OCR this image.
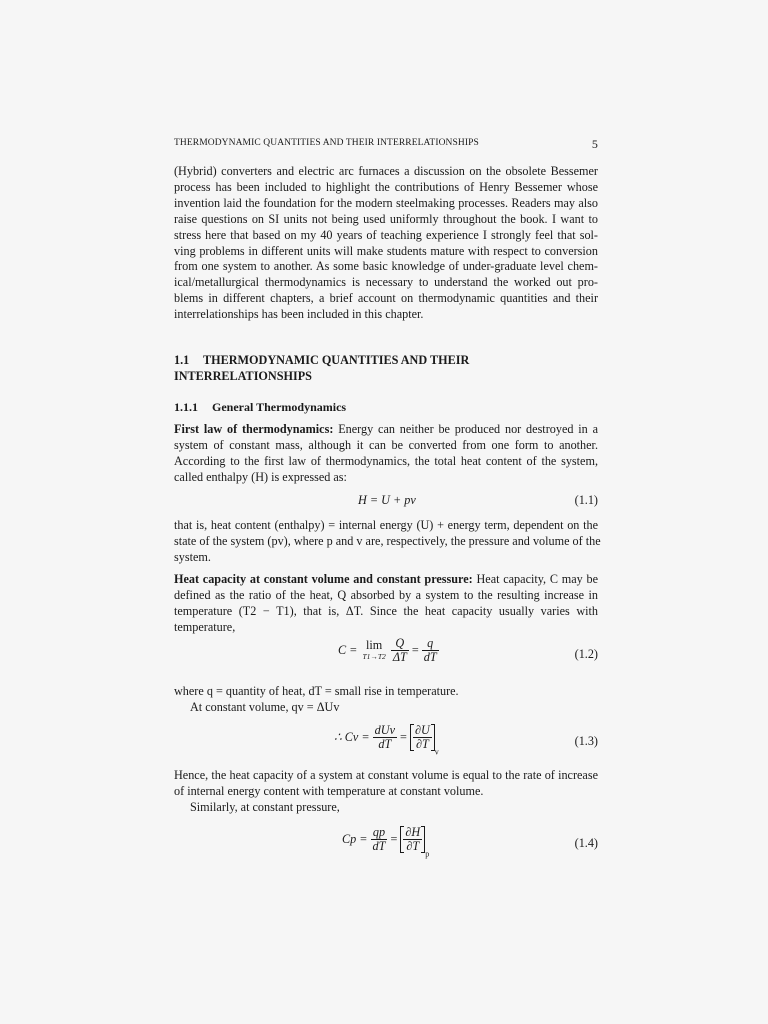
THERMODYNAMIC QUANTITIES AND THEIR INTERRELATIONSHIPS	5
(Hybrid) converters and electric arc furnaces a discussion on the obsolete Bessemer
process has been included to highlight the contributions of Henry Bessemer whose
invention laid the foundation for the modern steelmaking processes. Readers may also
raise questions on SI units not being used uniformly throughout the book. I want to
stress here that based on my 40 years of teaching experience I strongly feel that sol-
ving problems in different units will make students mature with respect to conversion
from one system to another. As some basic knowledge of under-graduate level chem-
ical/metallurgical thermodynamics is necessary to understand the worked out pro-
blems in different chapters, a brief account on thermodynamic quantities and their
interrelationships has been included in this chapter.
1.1 THERMODYNAMIC QUANTITIES AND THEIR
INTERRELATIONSHIPS
1.1.1 General Thermodynamics
First law of thermodynamics: Energy can neither be produced nor destroyed in a
system of constant mass, although it can be converted from one form to another.
According to the first law of thermodynamics, the total heat content of the system,
called enthalpy (H) is expressed as:
H = U + pv	(1.1)
that is, heat content (enthalpy) = internal energy (U) + energy term, dependent on the
state of the system (pv), where p and v are, respectively, the pressure and volume of the
system.
Heat capacity at constant volume and constant pressure: Heat capacity, C may be
defined as the ratio of the heat, Q absorbed by a system to the resulting increase in
temperature (T2 − T1), that is, ΔT. Since the heat capacity usually varies with
temperature,
C = lim
T1→T2
$\frac{Q}{\Delta T} = \frac{q}{dT}$	(1.2)
where q = quantity of heat, dT = small rise in temperature.
At constant volume, qv = ΔUv
∴ $Cv = \frac{\text{dUv}}{dT} = \frac{\partial U}{\partial T}$
$_v$
(1.3)
Hence, the heat capacity of a system at constant volume is equal to the rate of increase
of internal energy content with temperature at constant volume.
Similarly, at constant pressure,
$Cp = \frac{qp}{dT} = \frac{\partial H}{\partial T}$
$_p$
(1.4)
